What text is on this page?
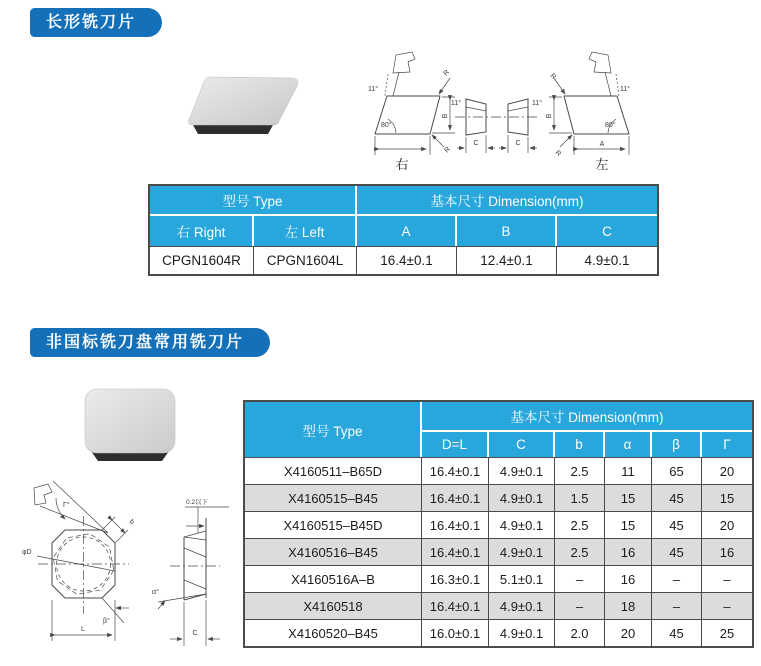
长形铣刀片
11°
80°
R
R
B
右
11°
C
11°
C
11°
80°
R
R
B
A
左
型号 Type		基本尺寸 Dimension(mm)		
右 Right	左 Left	A	B	C
CPGN1604R	CPGN1604L	16.4±0.1	12.4±0.1	4.9±0.1
非国标铣刀盘常用铣刀片
φD
Γ°
b
β°
L
α°
0.2以下
C
型号 Type	基本尺寸 Dimension(mm)					
	D=L	C	b	α	β	Γ
X4160511–B65D	16.4±0.1	4.9±0.1	2.5	11	65	20
X4160515–B45	16.4±0.1	4.9±0.1	1.5	15	45	15
X4160515–B45D	16.4±0.1	4.9±0.1	2.5	15	45	20
X4160516–B45	16.4±0.1	4.9±0.1	2.5	16	45	16
X4160516A–B	16.3±0.1	5.1±0.1	–	16	–	–
X4160518	16.4±0.1	4.9±0.1	–	18	–	–
X4160520–B45	16.0±0.1	4.9±0.1	2.0	20	45	25
